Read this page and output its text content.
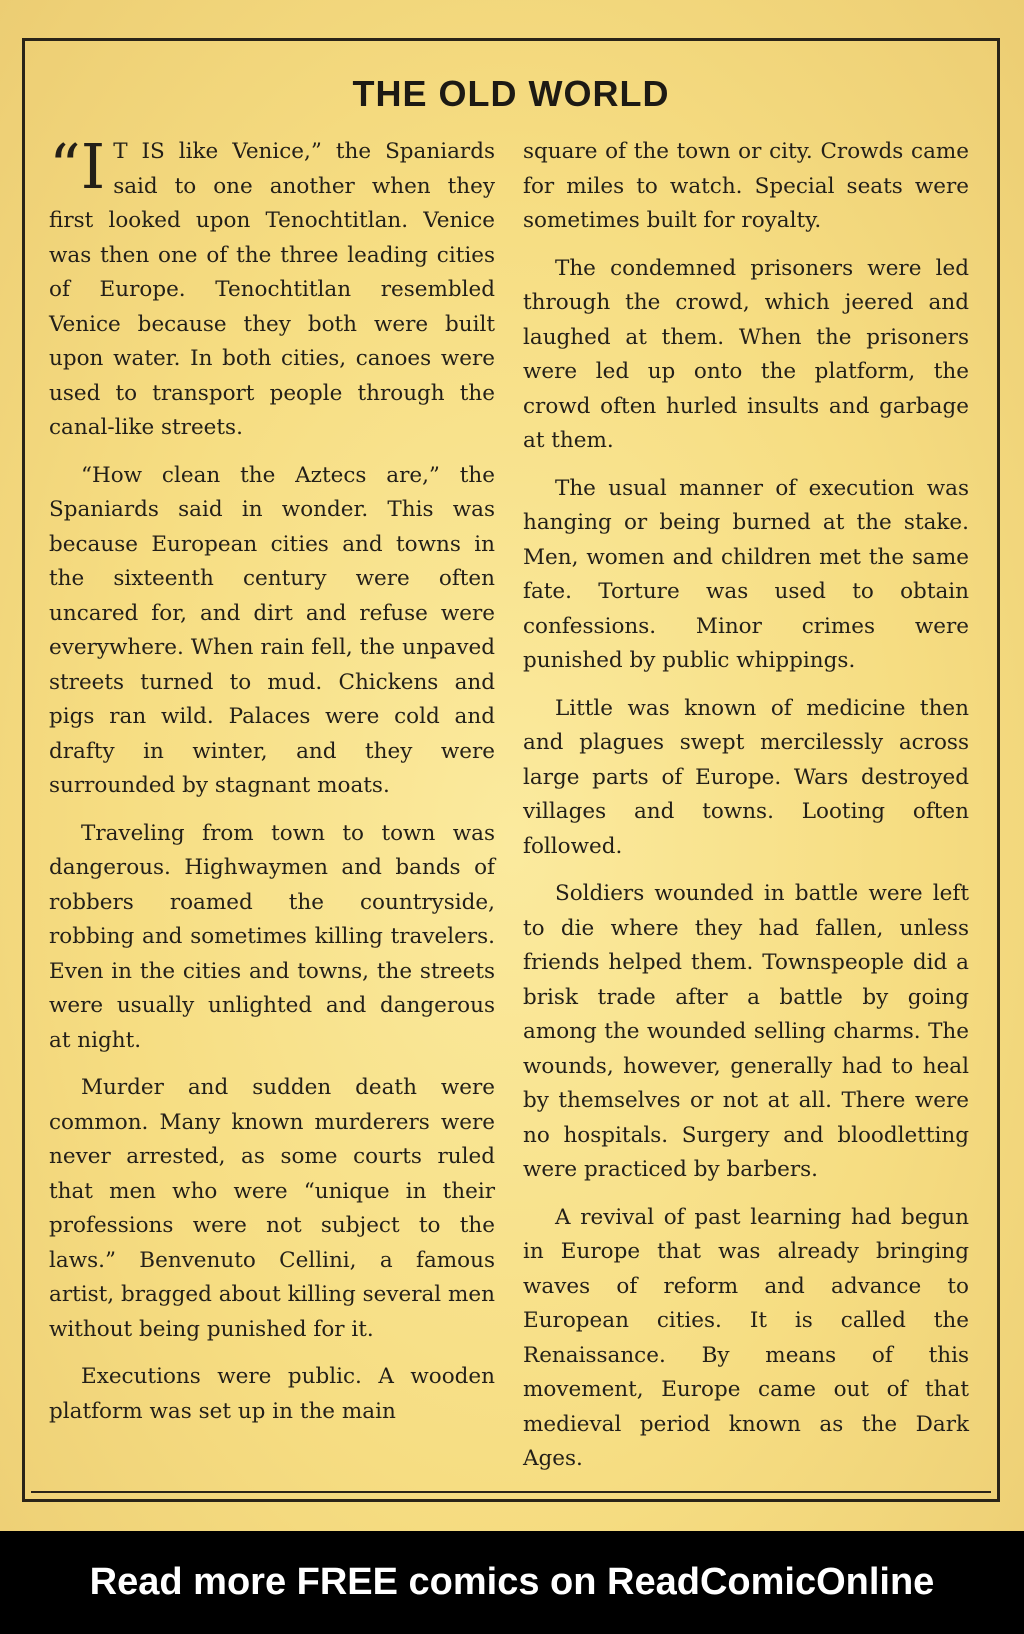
THE OLD WORLD

“I T IS like Venice,” the Spaniards said to one another when they first looked upon Tenochtitlan. Venice was then one of the three leading cities of Europe. Tenochtitlan resembled Venice because they both were built upon water. In both cities, canoes were used to transport people through the canal-like streets.

“How clean the Aztecs are,” the Spaniards said in wonder. This was because European cities and towns in the sixteenth century were often uncared for, and dirt and refuse were everywhere. When rain fell, the unpaved streets turned to mud. Chickens and pigs ran wild. Palaces were cold and drafty in winter, and they were surrounded by stagnant moats.

Traveling from town to town was dangerous. Highwaymen and bands of robbers roamed the countryside, robbing and sometimes killing travelers. Even in the cities and towns, the streets were usually unlighted and dangerous at night.

Murder and sudden death were common. Many known murderers were never arrested, as some courts ruled that men who were “unique in their professions were not subject to the laws.” Benvenuto Cellini, a famous artist, bragged about killing several men without being punished for it.

Executions were public. A wooden platform was set up in the main

square of the town or city. Crowds came for miles to watch. Special seats were sometimes built for royalty.

The condemned prisoners were led through the crowd, which jeered and laughed at them. When the prisoners were led up onto the platform, the crowd often hurled insults and garbage at them.

The usual manner of execution was hanging or being burned at the stake. Men, women and children met the same fate. Torture was used to obtain confessions. Minor crimes were punished by public whippings.

Little was known of medicine then and plagues swept mercilessly across large parts of Europe. Wars destroyed villages and towns. Looting often followed.

Soldiers wounded in battle were left to die where they had fallen, unless friends helped them. Townspeople did a brisk trade after a battle by going among the wounded selling charms. The wounds, however, generally had to heal by themselves or not at all. There were no hospitals. Surgery and bloodletting were practiced by barbers.

A revival of past learning had begun in Europe that was already bringing waves of reform and advance to European cities. It is called the Renaissance. By means of this movement, Europe came out of that medieval period known as the Dark Ages.

Read more FREE comics on ReadComicOnline
